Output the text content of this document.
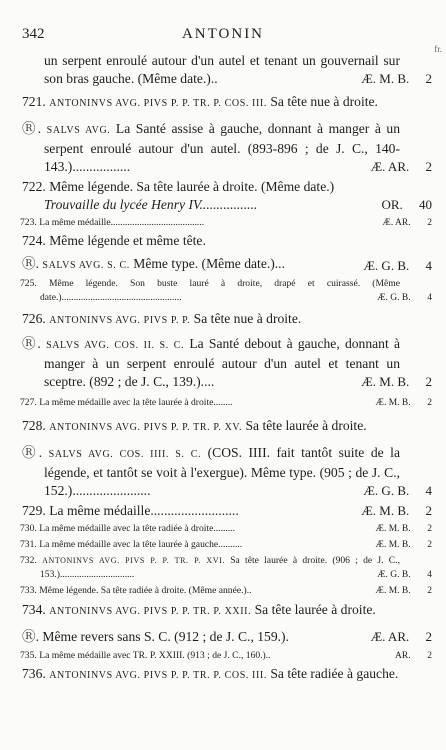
342	ANTONIN
fr.
un serpent enroulé autour d'un autel et tenant un gouvernail sur son bras gauche. (Même date.)..	Æ. M. B. 2
721. ANTONINVS AVG. PIVS P. P. TR. P. COS. III. Sa tête nue à droite.
Ⓡ. SALVS AVG. La Santé assise à gauche, donnant à manger à un serpent enroulé autour d'un autel. (893-896 ; de J. C., 140-143.).................	Æ. AR. 2
722. Même légende. Sa tête laurée à droite. (Même date.)
Trouvaille du lycée Henry IV.................	OR. 40
723. La même médaille.......................................	Æ. AR. 2
724. Même légende et même tête.
Ⓡ. SALVS AVG. S. C. Même type. (Même date.)...	Æ. G. B. 4
725. Même légende. Son buste lauré à droite, drapé et cuirassé. (Même date.)..................................................	Æ. G. B. 4
726. ANTONINVS AVG. PIVS P. P. Sa tête nue à droite.
Ⓡ. SALVS AVG. COS. II. S. C. La Santé debout à gauche, donnant à manger à un serpent enroulé autour d'un autel et tenant un sceptre. (892 ; de J. C., 139.)....	Æ. M. B. 2
727. La même médaille avec la tête laurée à droite........	Æ. M. B. 2
728. ANTONINVS AVG. PIVS P. P. TR. P. XV. Sa tête laurée à droite.
Ⓡ. SALVS AVG. COS. IIII. S. C. (COS. IIII. fait tantôt suite de la légende, et tantôt se voit à l'exergue). Même type. (905 ; de J. C., 152.).......................	Æ. G. B. 4
729. La même médaille..........................	Æ. M. B. 2
730. La même médaille avec la tête radiée à droite.........	Æ. M. B. 2
731. La même médaille avec la tête laurée à gauche..........	Æ. M. B. 2
732. ANTONINVS AVG. PIVS P. P. TR. P. XVI. Sa tête laurée à droite. (906 ; de J. C., 153.)...............................	Æ. G. B. 4
733. Même légende. Sa tête radiée à droite. (Même année.)..	Æ. M. B. 2
734. ANTONINVS AVG. PIVS P. P. TR. P. XXII. Sa tête laurée à droite.
Ⓡ. Même revers sans S. C. (912 ; de J. C., 159.).	Æ. AR. 2
735. La même médaille avec TR. P. XXIII. (913 ; de J. C., 160.)..	AR. 2
736. ANTONINVS AVG. PIVS P. P. TR. P. COS. III. Sa tête radiée à gauche.
